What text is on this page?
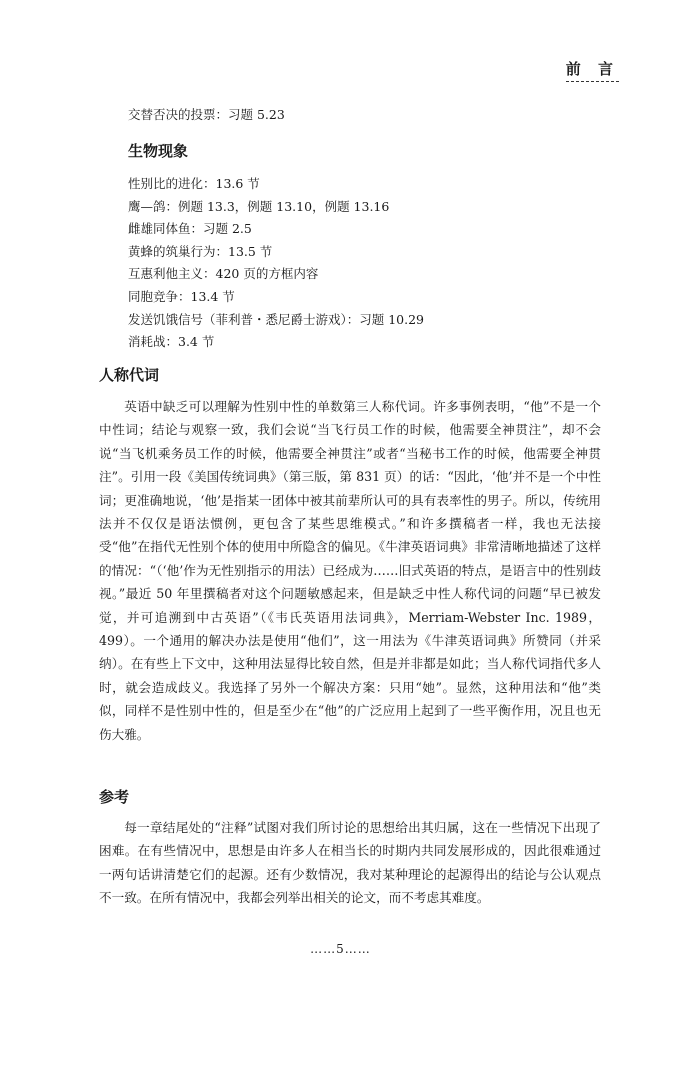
前 言
交替否决的投票：习题 5.23
生物现象
性别比的进化：13.6 节
鹰—鸽：例题 13.3，例题 13.10，例题 13.16
雌雄同体鱼：习题 2.5
黄蜂的筑巢行为：13.5 节
互惠利他主义：420 页的方框内容
同胞竞争：13.4 节
发送饥饿信号（菲利普・悉尼爵士游戏）：习题 10.29
消耗战：3.4 节
人称代词
英语中缺乏可以理解为性别中性的单数第三人称代词。许多事例表明，“他”不是一个中性词；结论与观察一致，我们会说“当飞行员工作的时候，他需要全神贯注”，却不会说“当飞机乘务员工作的时候，他需要全神贯注”或者“当秘书工作的时候，他需要全神贯注”。引用一段《美国传统词典》（第三版，第 831 页）的话：“因此，‘他’并不是一个中性词；更准确地说，‘他’是指某一团体中被其前辈所认可的具有表率性的男子。所以，传统用法并不仅仅是语法惯例，更包含了某些思维模式。”和许多撰稿者一样，我也无法接受“他”在指代无性别个体的使用中所隐含的偏见。《牛津英语词典》非常清晰地描述了这样的情况：“（‘他’作为无性别指示的用法）已经成为……旧式英语的特点，是语言中的性别歧视。”最近 50 年里撰稿者对这个问题敏感起来，但是缺乏中性人称代词的问题“早已被发觉，并可追溯到中古英语”（《韦氏英语用法词典》，Merriam-Webster Inc. 1989，499）。一个通用的解决办法是使用“他们”，这一用法为《牛津英语词典》所赞同（并采纳）。在有些上下文中，这种用法显得比较自然，但是并非都是如此；当人称代词指代多人时，就会造成歧义。我选择了另外一个解决方案：只用“她”。显然，这种用法和“他”类似，同样不是性别中性的，但是至少在“他”的广泛应用上起到了一些平衡作用，况且也无伤大雅。
参考
每一章结尾处的“注释”试图对我们所讨论的思想给出其归属，这在一些情况下出现了困难。在有些情况中，思想是由许多人在相当长的时期内共同发展形成的，因此很难通过一两句话讲清楚它们的起源。还有少数情况，我对某种理论的起源得出的结论与公认观点不一致。在所有情况中，我都会列举出相关的论文，而不考虑其难度。
……5……
